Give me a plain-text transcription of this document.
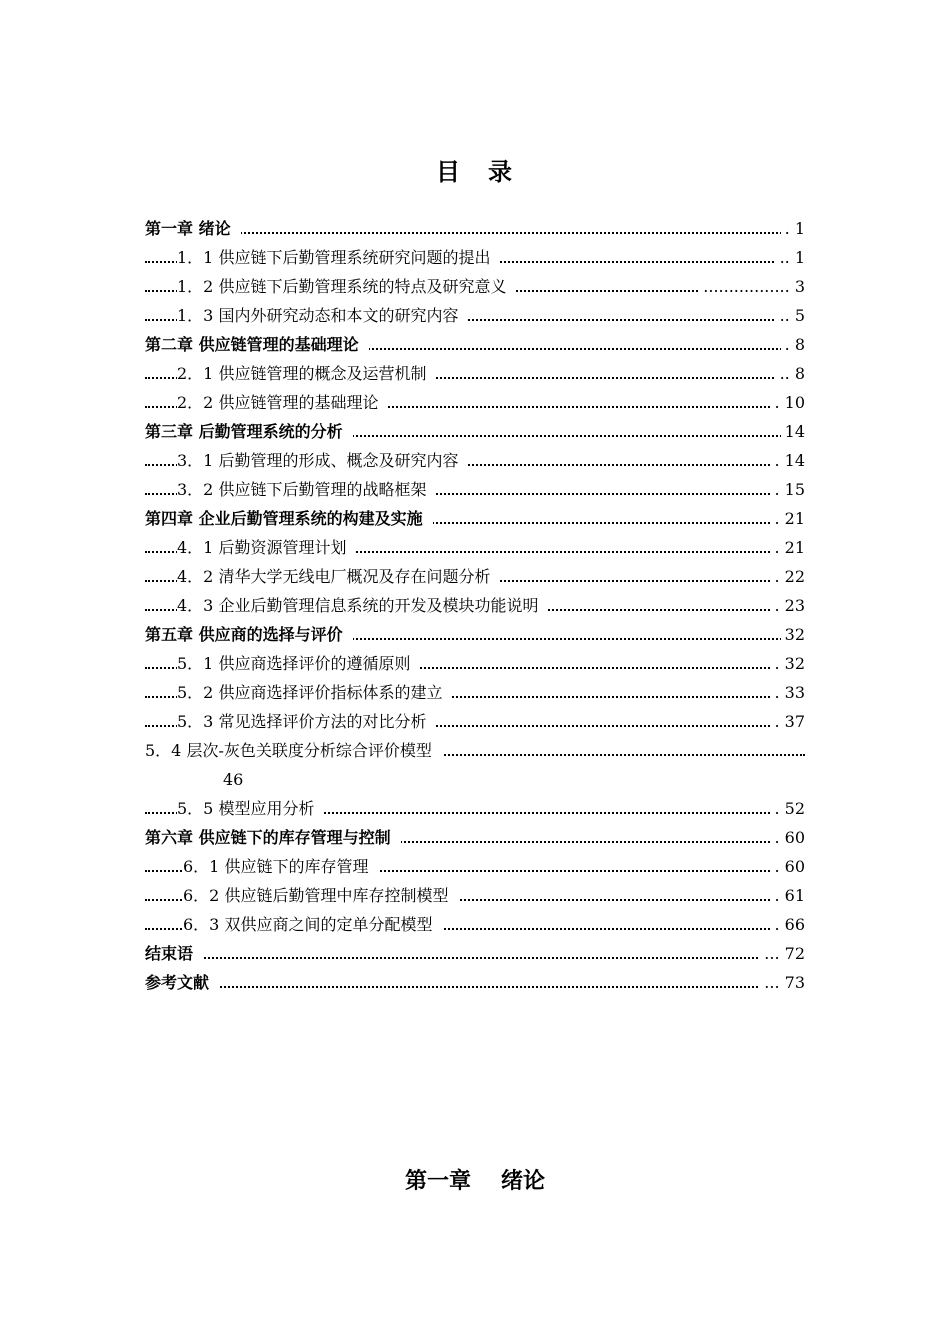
目 录
第一章 绪论	. 1
1．1 供应链下后勤管理系统研究问题的提出	.. 1
1．2 供应链下后勤管理系统的特点及研究意义	................. 3
1．3 国内外研究动态和本文的研究内容	.. 5
第二章 供应链管理的基础理论	. 8
2．1 供应链管理的概念及运营机制	.. 8
2．2 供应链管理的基础理论	. 10
第三章 后勤管理系统的分析	14
3．1 后勤管理的形成、概念及研究内容	. 14
3．2 供应链下后勤管理的战略框架	. 15
第四章 企业后勤管理系统的构建及实施	. 21
4．1 后勤资源管理计划	. 21
4．2 清华大学无线电厂概况及存在问题分析	. 22
4．3 企业后勤管理信息系统的开发及模块功能说明	. 23
第五章 供应商的选择与评价	32
5．1 供应商选择评价的遵循原则	. 32
5．2 供应商选择评价指标体系的建立	. 33
5．3 常见选择评价方法的对比分析	. 37
5．4 层次-灰色关联度分析综合评价模型
46
5．5 模型应用分析	. 52
第六章 供应链下的库存管理与控制	. 60
6．1 供应链下的库存管理	. 60
6．2 供应链后勤管理中库存控制模型	. 61
6．3 双供应商之间的定单分配模型	. 66
结束语	... 72
参考文献	... 73
第一章 绪论
